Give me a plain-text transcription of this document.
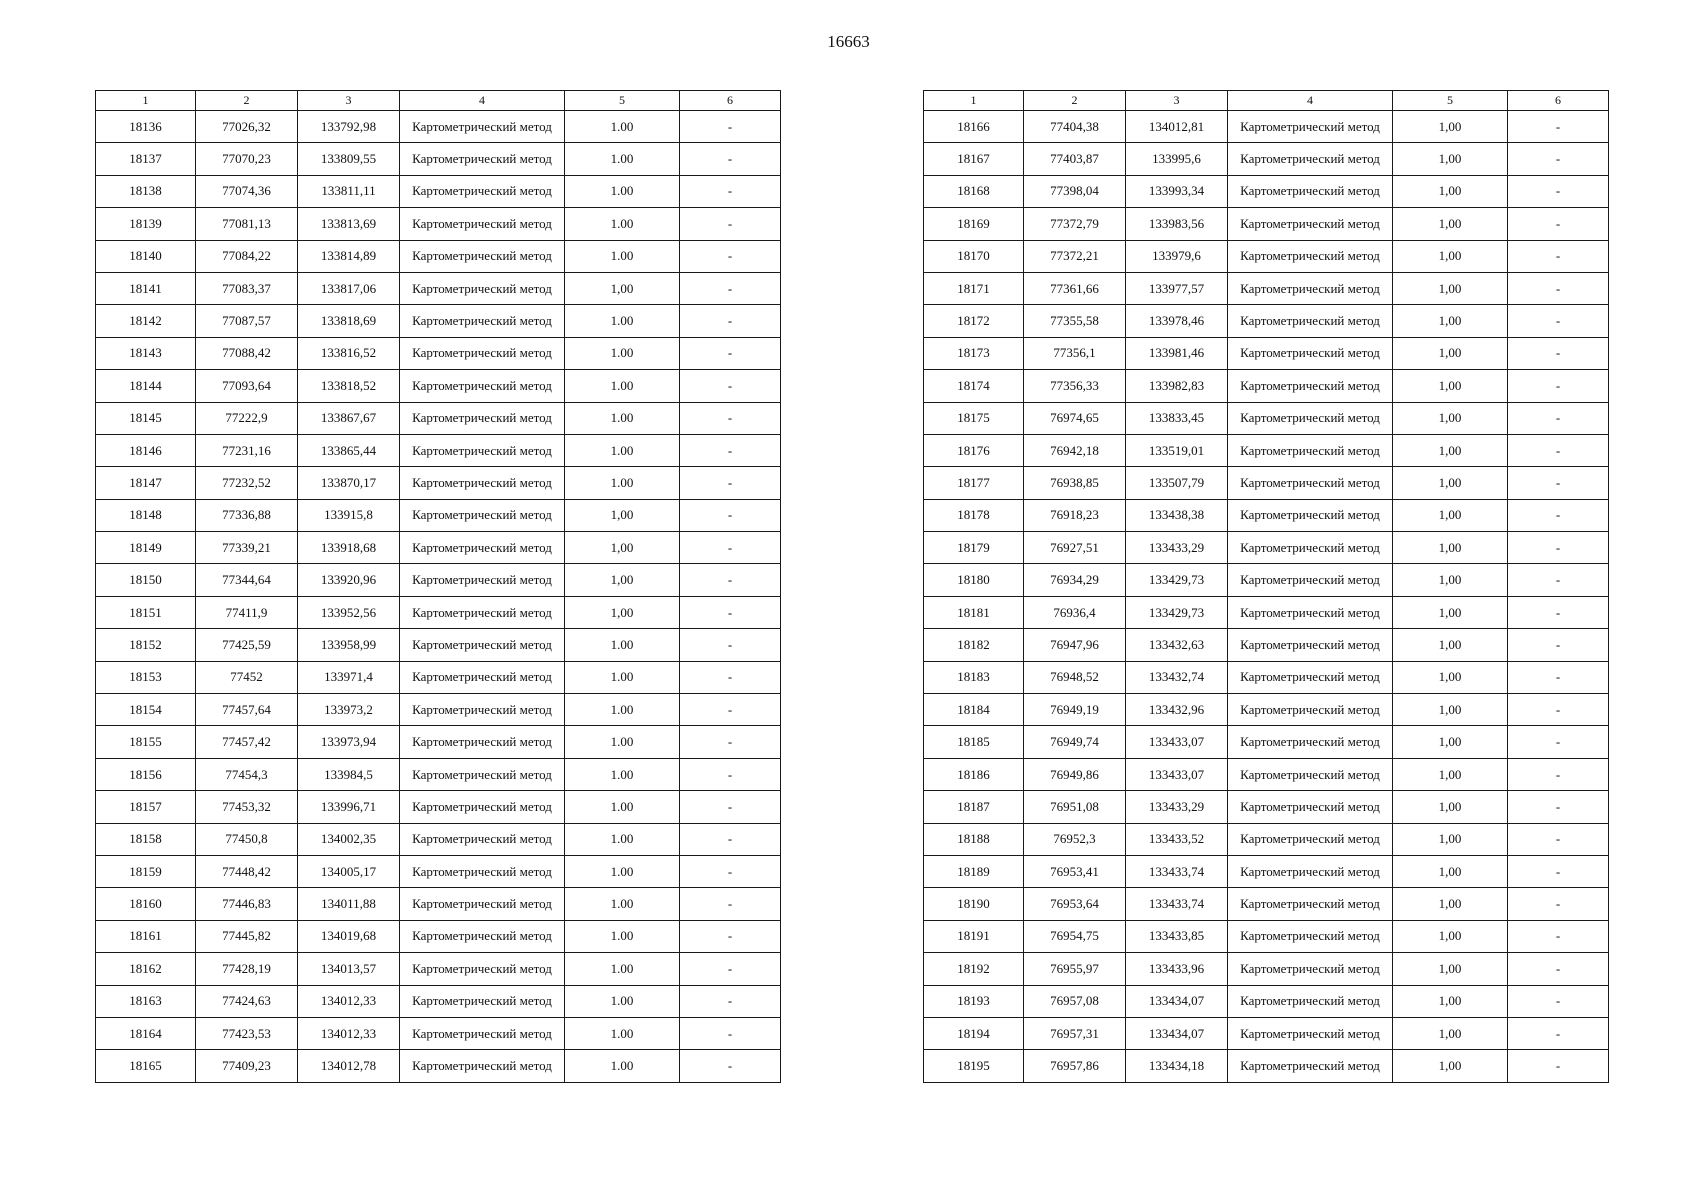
16663
1	2	3	4	5	6
18136	77026,32	133792,98	Картометрический метод	1.00	-
18137	77070,23	133809,55	Картометрический метод	1.00	-
18138	77074,36	133811,11	Картометрический метод	1.00	-
18139	77081,13	133813,69	Картометрический метод	1.00	-
18140	77084,22	133814,89	Картометрический метод	1.00	-
18141	77083,37	133817,06	Картометрический метод	1,00	-
18142	77087,57	133818,69	Картометрический метод	1.00	-
18143	77088,42	133816,52	Картометрический метод	1.00	-
18144	77093,64	133818,52	Картометрический метод	1.00	-
18145	77222,9	133867,67	Картометрический метод	1.00	-
18146	77231,16	133865,44	Картометрический метод	1.00	-
18147	77232,52	133870,17	Картометрический метод	1.00	-
18148	77336,88	133915,8	Картометрический метод	1,00	-
18149	77339,21	133918,68	Картометрический метод	1,00	-
18150	77344,64	133920,96	Картометрический метод	1,00	-
18151	77411,9	133952,56	Картометрический метод	1,00	-
18152	77425,59	133958,99	Картометрический метод	1.00	-
18153	77452	133971,4	Картометрический метод	1.00	-
18154	77457,64	133973,2	Картометрический метод	1.00	-
18155	77457,42	133973,94	Картометрический метод	1.00	-
18156	77454,3	133984,5	Картометрический метод	1.00	-
18157	77453,32	133996,71	Картометрический метод	1.00	-
18158	77450,8	134002,35	Картометрический метод	1.00	-
18159	77448,42	134005,17	Картометрический метод	1.00	-
18160	77446,83	134011,88	Картометрический метод	1.00	-
18161	77445,82	134019,68	Картометрический метод	1.00	-
18162	77428,19	134013,57	Картометрический метод	1.00	-
18163	77424,63	134012,33	Картометрический метод	1.00	-
18164	77423,53	134012,33	Картометрический метод	1.00	-
18165	77409,23	134012,78	Картометрический метод	1.00	-
1	2	3	4	5	6
18166	77404,38	134012,81	Картометрический метод	1,00	-
18167	77403,87	133995,6	Картометрический метод	1,00	-
18168	77398,04	133993,34	Картометрический метод	1,00	-
18169	77372,79	133983,56	Картометрический метод	1,00	-
18170	77372,21	133979,6	Картометрический метод	1,00	-
18171	77361,66	133977,57	Картометрический метод	1,00	-
18172	77355,58	133978,46	Картометрический метод	1,00	-
18173	77356,1	133981,46	Картометрический метод	1,00	-
18174	77356,33	133982,83	Картометрический метод	1,00	-
18175	76974,65	133833,45	Картометрический метод	1,00	-
18176	76942,18	133519,01	Картометрический метод	1,00	-
18177	76938,85	133507,79	Картометрический метод	1,00	-
18178	76918,23	133438,38	Картометрический метод	1,00	-
18179	76927,51	133433,29	Картометрический метод	1,00	-
18180	76934,29	133429,73	Картометрический метод	1,00	-
18181	76936,4	133429,73	Картометрический метод	1,00	-
18182	76947,96	133432,63	Картометрический метод	1,00	-
18183	76948,52	133432,74	Картометрический метод	1,00	-
18184	76949,19	133432,96	Картометрический метод	1,00	-
18185	76949,74	133433,07	Картометрический метод	1,00	-
18186	76949,86	133433,07	Картометрический метод	1,00	-
18187	76951,08	133433,29	Картометрический метод	1,00	-
18188	76952,3	133433,52	Картометрический метод	1,00	-
18189	76953,41	133433,74	Картометрический метод	1,00	-
18190	76953,64	133433,74	Картометрический метод	1,00	-
18191	76954,75	133433,85	Картометрический метод	1,00	-
18192	76955,97	133433,96	Картометрический метод	1,00	-
18193	76957,08	133434,07	Картометрический метод	1,00	-
18194	76957,31	133434,07	Картометрический метод	1,00	-
18195	76957,86	133434,18	Картометрический метод	1,00	-
